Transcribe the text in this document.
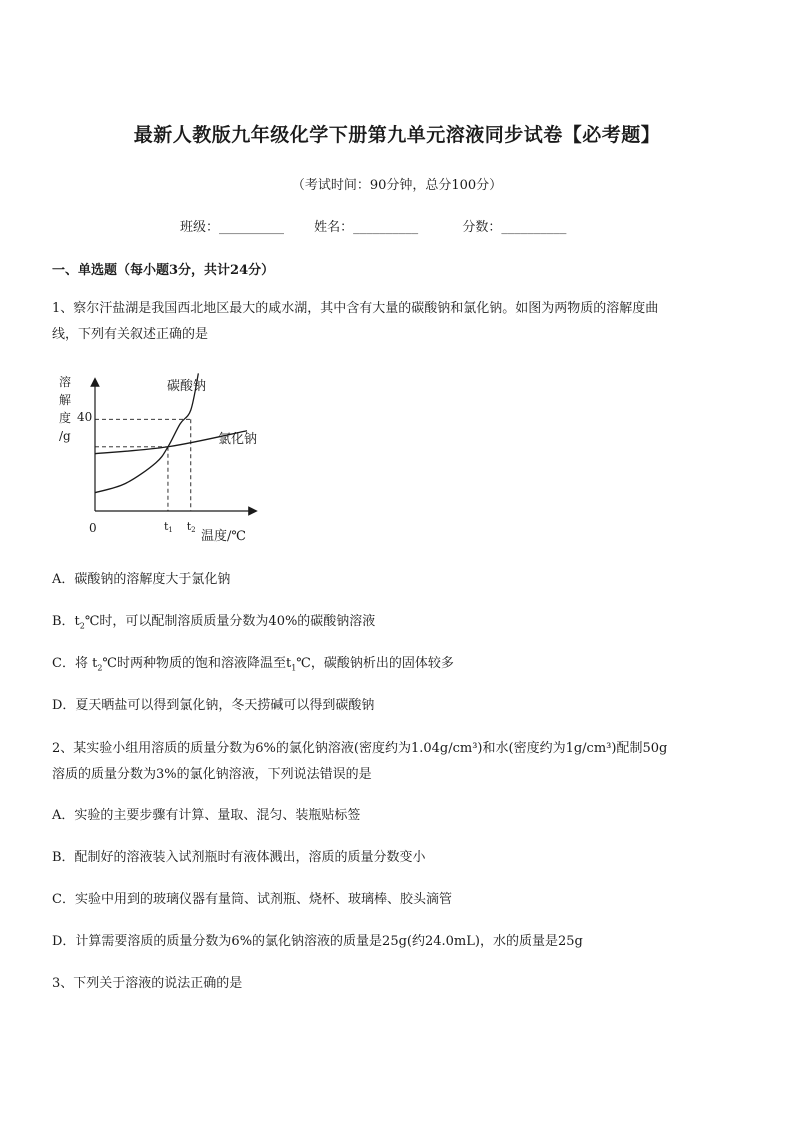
最新人教版九年级化学下册第九单元溶液同步试卷【必考题】
（考试时间：90分钟，总分100分）
班级：__________ 姓名：__________	分数：__________
一、单选题（每小题3分，共计24分）
1、察尔汗盐湖是我国西北地区最大的咸水湖，其中含有大量的碳酸钠和氯化钠。如图为两物质的溶解度曲
线，下列有关叙述正确的是
溶
解
度
/g
40
0
碳酸钠
氯化钠
t1 t2 温度/℃
A．碳酸钠的溶解度大于氯化钠
B．$t_2℃$时，可以配制溶质质量分数为40%的碳酸钠溶液
C．将 $t_2℃$时两种物质的饱和溶液降温至$t_1℃$，碳酸钠析出的固体较多
D．夏天晒盐可以得到氯化钠，冬天捞碱可以得到碳酸钠
2、某实验小组用溶质的质量分数为6%的氯化钠溶液(密度约为1.04g/cm³)和水(密度约为1g/cm³)配制50g
溶质的质量分数为3%的氯化钠溶液，下列说法错误的是
A．实验的主要步骤有计算、量取、混匀、装瓶贴标签
B．配制好的溶液装入试剂瓶时有液体溅出，溶质的质量分数变小
C．实验中用到的玻璃仪器有量筒、试剂瓶、烧杯、玻璃棒、胶头滴管
D．计算需要溶质的质量分数为6%的氯化钠溶液的质量是25g(约24.0mL)，水的质量是25g
3、下列关于溶液的说法正确的是
